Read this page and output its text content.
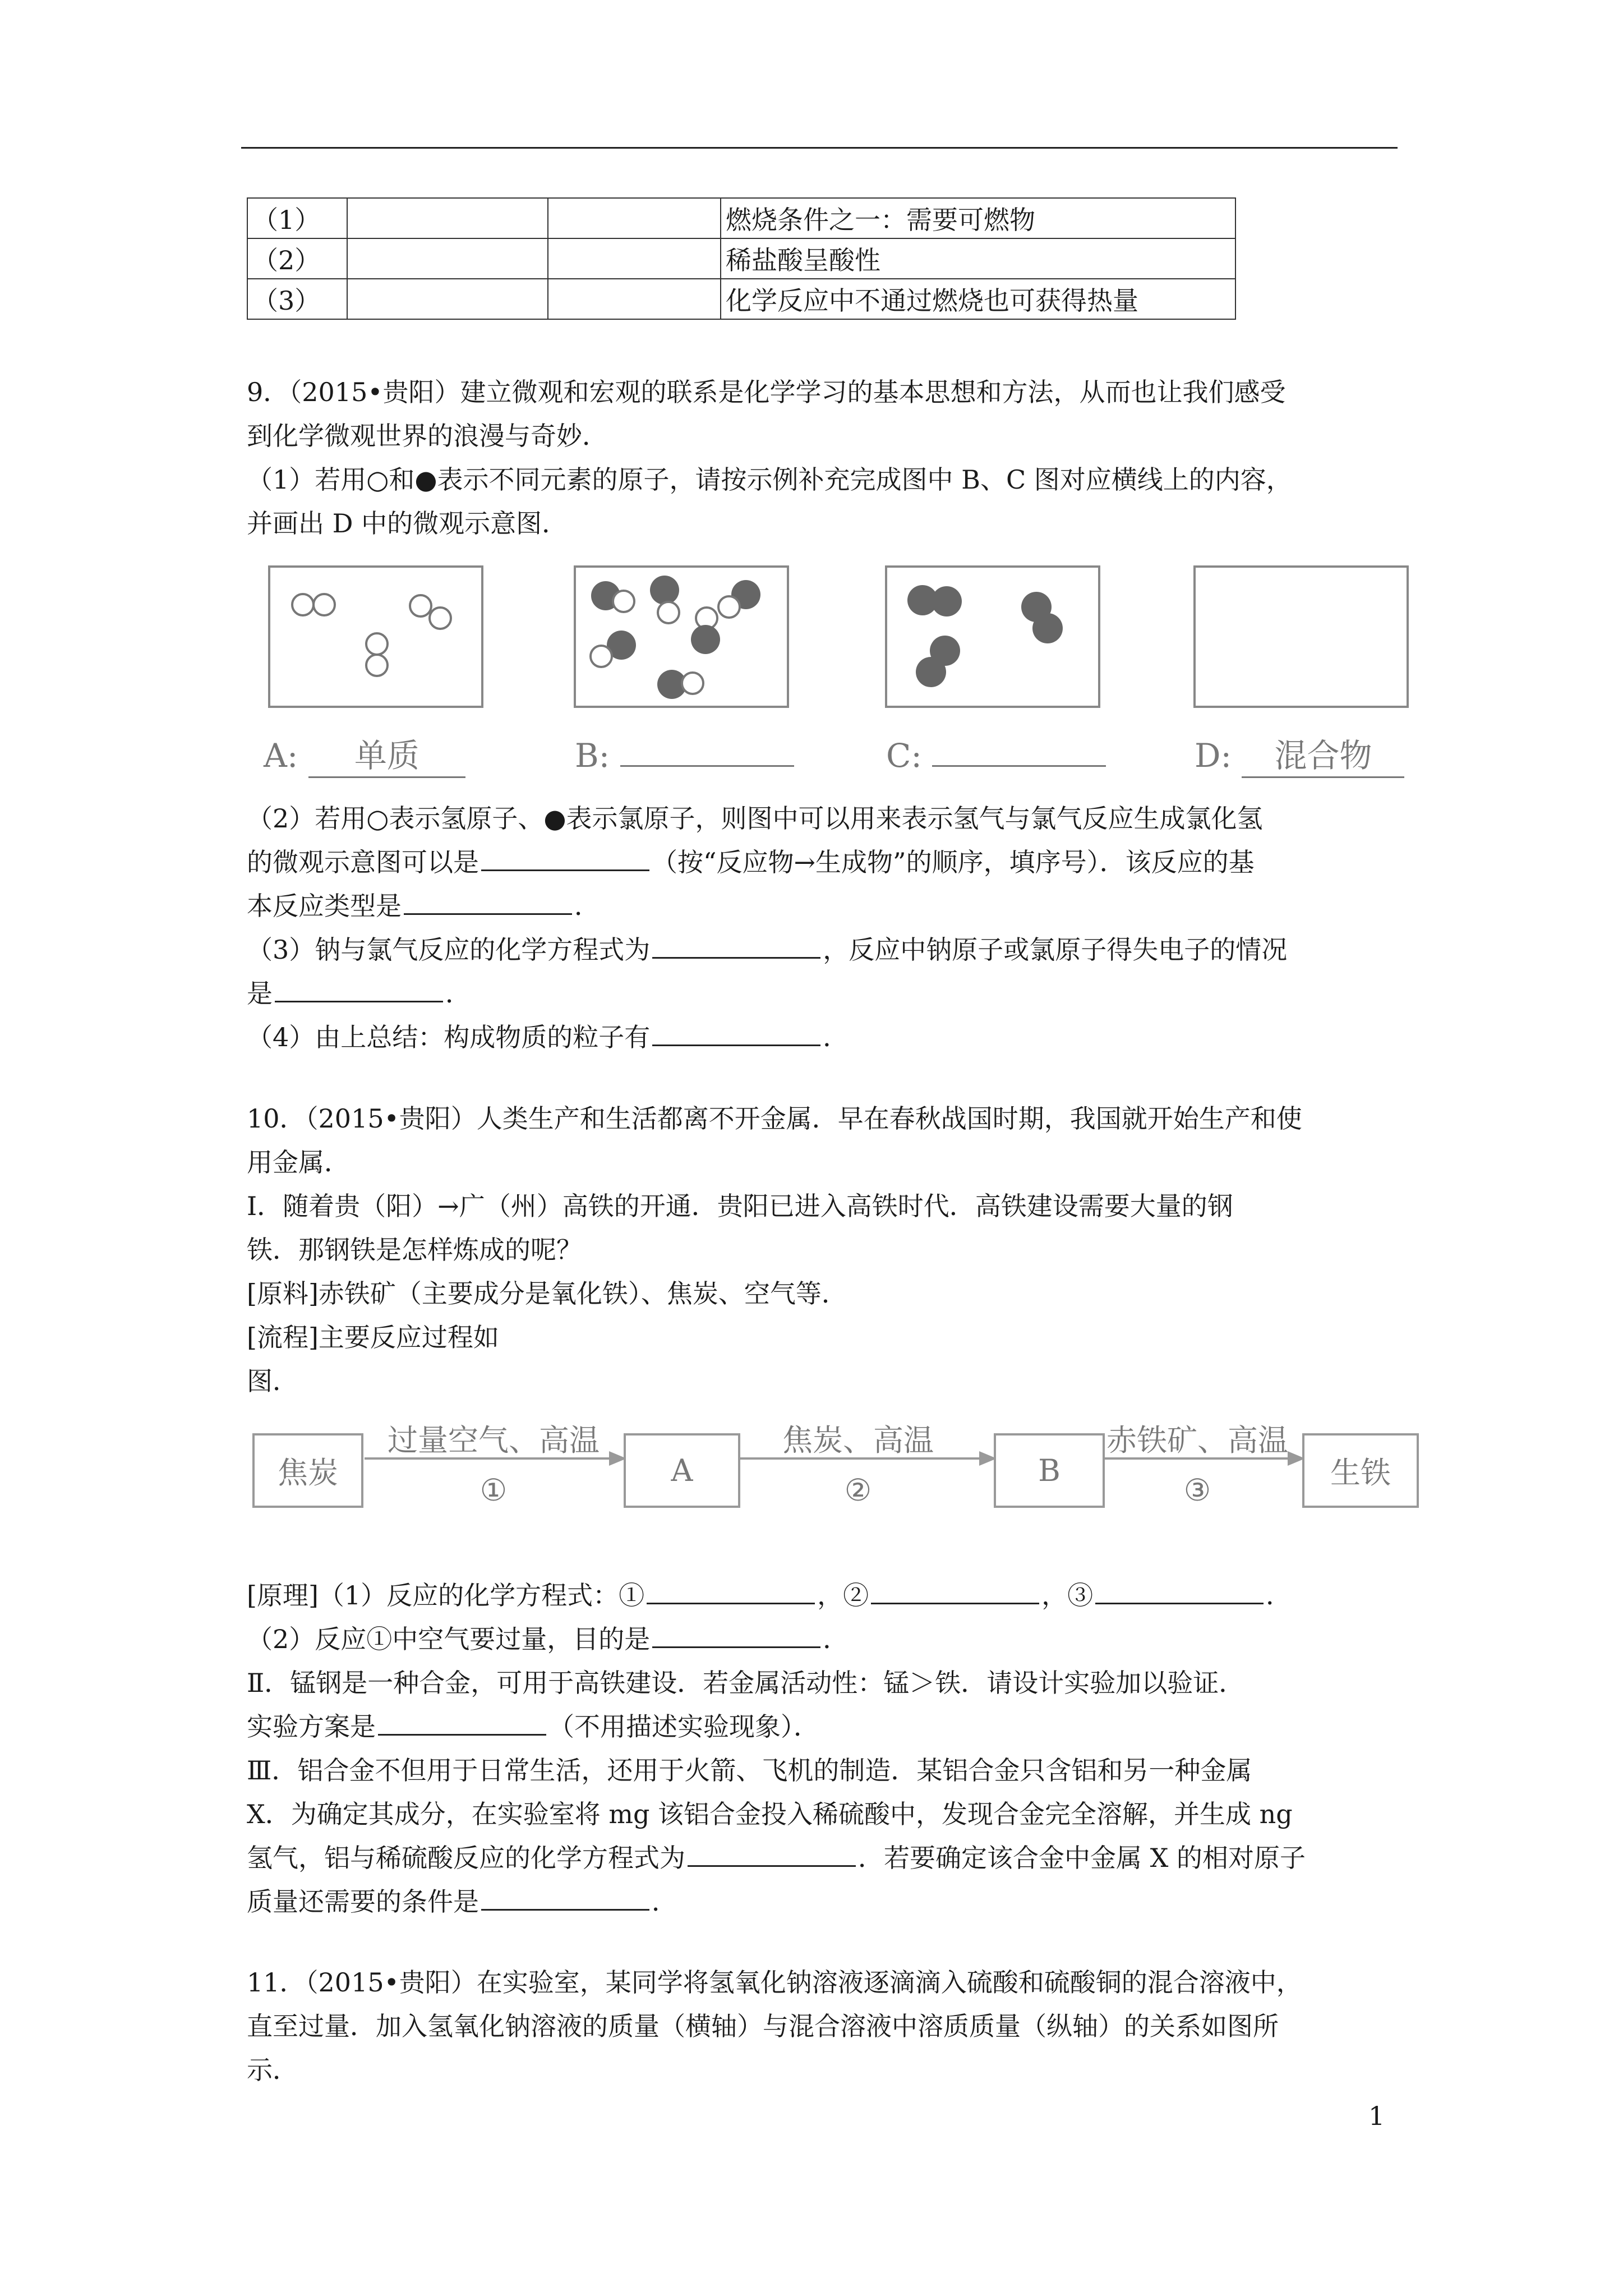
（1）			燃烧条件之一：需要可燃物
（2）			稀盐酸呈酸性
（3）			化学反应中不通过燃烧也可获得热量
9．（2015•贵阳）建立微观和宏观的联系是化学学习的基本思想和方法，从而也让我们感受
到化学微观世界的浪漫与奇妙．
（1）若用○和●表示不同元素的原子，请按示例补充完成图中 B、C 图对应横线上的内容，
并画出 D 中的微观示意图．
A: 单质	B:	C:	D: 混合物
（2）若用○表示氢原子、●表示氯原子，则图中可以用来表示氢气与氯气反应生成氯化氢
的微观示意图可以是	（按“反应物→生成物”的顺序，填序号）．该反应的基
本反应类型是	．
（3）钠与氯气反应的化学方程式为	，反应中钠原子或氯原子得失电子的情况
是	．
（4）由上总结：构成物质的粒子有	．
10．（2015•贵阳）人类生产和生活都离不开金属．早在春秋战国时期，我国就开始生产和使
用金属．
Ⅰ．随着贵（阳）→广（州）高铁的开通．贵阳已进入高铁时代．高铁建设需要大量的钢
铁．那钢铁是怎样炼成的呢？
[原料]赤铁矿（主要成分是氧化铁）、焦炭、空气等．
[流程]主要反应过程如
图．
焦炭
过量空气、高温
①
A
焦炭、高温
②
B
赤铁矿、高温
③	生铁
[原理]（1）反应的化学方程式：①	，②	，③	．
（2）反应①中空气要过量，目的是	．
Ⅱ．锰钢是一种合金，可用于高铁建设．若金属活动性：锰＞铁．请设计实验加以验证．
实验方案是	（不用描述实验现象）．
Ⅲ．铝合金不但用于日常生活，还用于火箭、飞机的制造．某铝合金只含铝和另一种金属
X．为确定其成分，在实验室将 mg 该铝合金投入稀硫酸中，发现合金完全溶解，并生成 ng
氢气，铝与稀硫酸反应的化学方程式为	．若要确定该合金中金属 X 的相对原子
质量还需要的条件是	．
11．（2015•贵阳）在实验室，某同学将氢氧化钠溶液逐滴滴入硫酸和硫酸铜的混合溶液中，
直至过量．加入氢氧化钠溶液的质量（横轴）与混合溶液中溶质质量（纵轴）的关系如图所
示．
1
